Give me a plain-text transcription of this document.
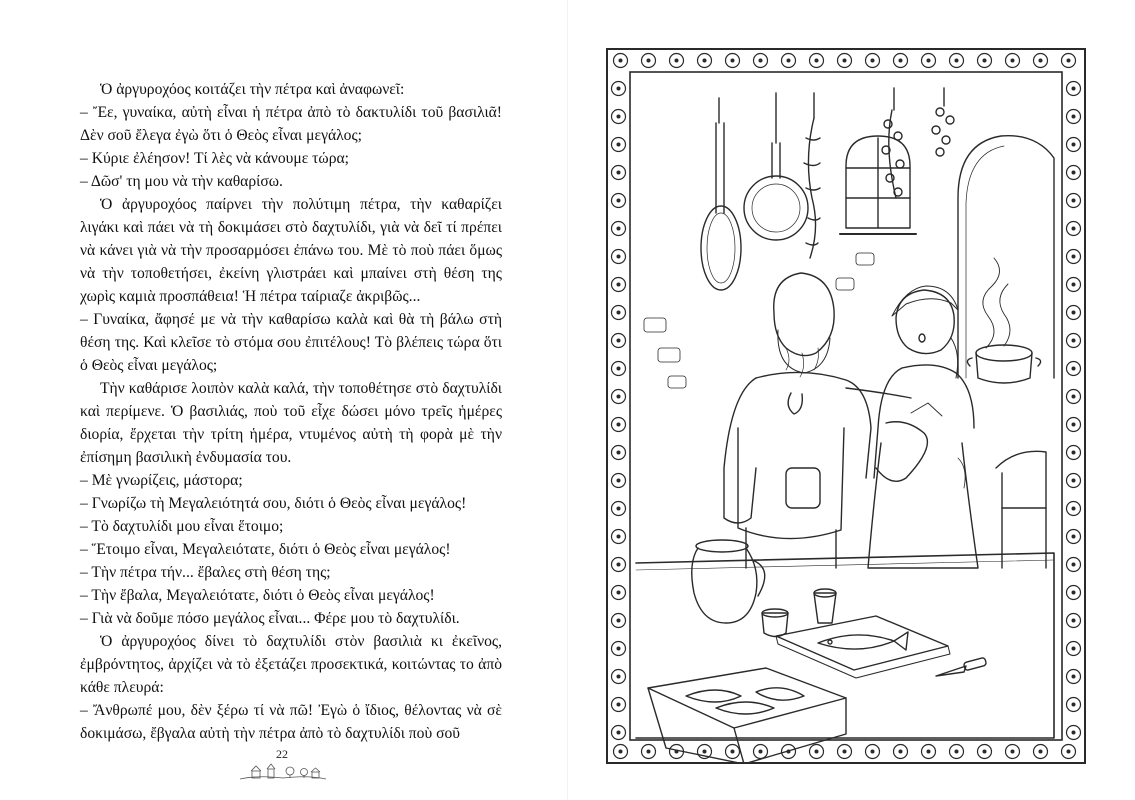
Ὁ ἀργυροχόος κοιτάζει τὴν πέτρα καὶ ἀναφωνεῖ:

– Ἔε, γυναίκα, αὐτὴ εἶναι ἡ πέτρα ἀπὸ τὸ δακτυλίδι τοῦ βασιλιᾶ! Δὲν σοῦ ἔλεγα ἐγὼ ὅτι ὁ Θεὸς εἶναι μεγάλος;

– Κύριε ἐλέησον! Τί λὲς νὰ κάνουμε τώρα;

– Δῶσ' τη μου νὰ τὴν καθαρίσω.

Ὁ ἀργυροχόος παίρνει τὴν πολύτιμη πέτρα, τὴν καθαρίζει λιγάκι καὶ πάει νὰ τὴ δοκιμάσει στὸ δαχτυλίδι, γιὰ νὰ δεῖ τί πρέπει νὰ κάνει γιὰ νὰ τὴν προσαρμόσει ἐπάνω του. Μὲ τὸ ποὺ πάει ὅμως νὰ τὴν τοποθετήσει, ἐκείνη γλιστράει καὶ μπαίνει στὴ θέση της χωρὶς καμιὰ προσπάθεια! Ἡ πέτρα ταίριαζε ἀκριβῶς...

– Γυναίκα, ἄφησέ με νὰ τὴν καθαρίσω καλὰ καὶ θὰ τὴ βάλω στὴ θέση της. Καὶ κλεῖσε τὸ στόμα σου ἐπιτέλους! Τὸ βλέπεις τώρα ὅτι ὁ Θεὸς εἶναι μεγάλος;

Τὴν καθάρισε λοιπὸν καλὰ καλά, τὴν τοποθέτησε στὸ δαχτυλίδι καὶ περίμενε. Ὁ βασιλιάς, ποὺ τοῦ εἶχε δώσει μόνο τρεῖς ἡμέρες διορία, ἔρχεται τὴν τρίτη ἡμέρα, ντυμένος αὐτὴ τὴ φορὰ μὲ τὴν ἐπίσημη βασιλικὴ ἐνδυμασία του.

– Μὲ γνωρίζεις, μάστορα;

– Γνωρίζω τὴ Μεγαλειότητά σου, διότι ὁ Θεὸς εἶναι μεγάλος!

– Τὸ δαχτυλίδι μου εἶναι ἕτοιμο;

– Ἕτοιμο εἶναι, Μεγαλειότατε, διότι ὁ Θεὸς εἶναι μεγάλος!

– Τὴν πέτρα τήν... ἔβαλες στὴ θέση της;

– Τὴν ἔβαλα, Μεγαλειότατε, διότι ὁ Θεὸς εἶναι μεγάλος!

– Γιὰ νὰ δοῦμε πόσο μεγάλος εἶναι... Φέρε μου τὸ δαχτυλίδι.

Ὁ ἀργυροχόος δίνει τὸ δαχτυλίδι στὸν βασιλιὰ κι ἐκεῖνος, ἐμβρόντητος, ἀρχίζει νὰ τὸ ἐξετάζει προσεκτικά, κοιτώντας το ἀπὸ κάθε πλευρά:

– Ἄνθρωπέ μου, δὲν ξέρω τί νὰ πῶ! Ἐγὼ ὁ ἴδιος, θέλοντας νὰ σὲ δοκιμάσω, ἔβγαλα αὐτὴ τὴν πέτρα ἀπὸ τὸ δαχτυλίδι ποὺ σοῦ

22
